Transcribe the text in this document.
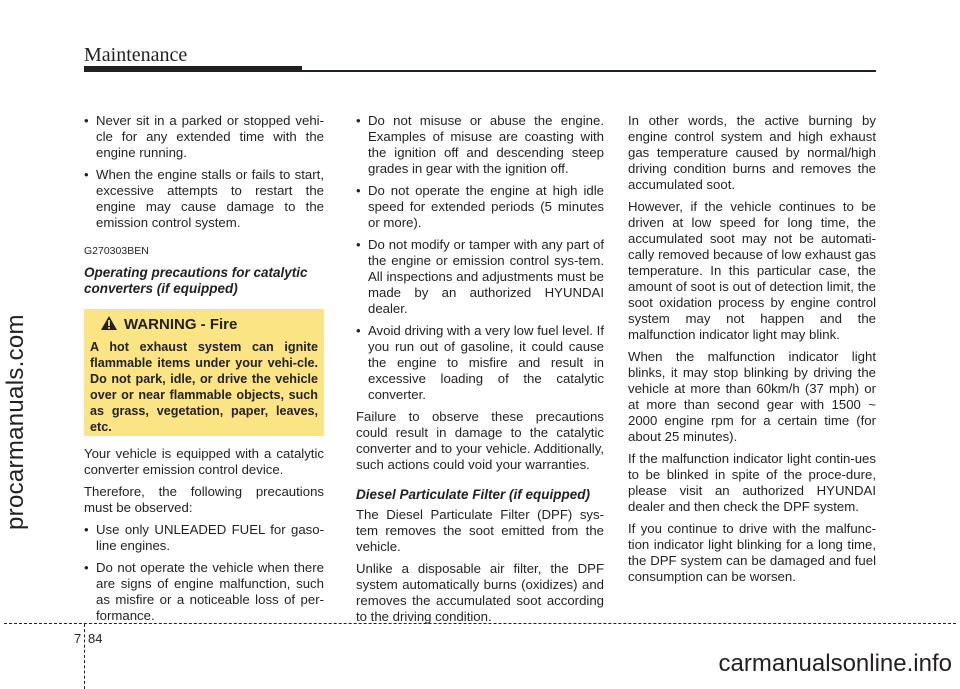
Maintenance
procarmanuals.com
• Never sit in a parked or stopped vehi-cle for any extended time with the engine running.
• When the engine stalls or fails to start, excessive attempts to restart the engine may cause damage to the emission control system.
G270303BEN
Operating precautions for catalytic converters (if equipped)
WARNING - Fire
A hot exhaust system can ignite flammable items under your vehi-cle. Do not park, idle, or drive the vehicle over or near flammable objects, such as grass, vegetation, paper, leaves, etc.

Your vehicle is equipped with a catalytic converter emission control device.

Therefore, the following precautions must be observed:

• Use only UNLEADED FUEL for gaso-line engines.
• Do not operate the vehicle when there are signs of engine malfunction, such as misfire or a noticeable loss of per-formance.
• Do not misuse or abuse the engine. Examples of misuse are coasting with the ignition off and descending steep grades in gear with the ignition off.
• Do not operate the engine at high idle speed for extended periods (5 minutes or more).
• Do not modify or tamper with any part of the engine or emission control sys-tem. All inspections and adjustments must be made by an authorized HYUNDAI dealer.
• Avoid driving with a very low fuel level. If you run out of gasoline, it could cause the engine to misfire and result in excessive loading of the catalytic converter.

Failure to observe these precautions could result in damage to the catalytic converter and to your vehicle. Additionally, such actions could void your warranties.

Diesel Particulate Filter (if equipped)

The Diesel Particulate Filter (DPF) sys-tem removes the soot emitted from the vehicle.

Unlike a disposable air filter, the DPF system automatically burns (oxidizes) and removes the accumulated soot according to the driving condition.

In other words, the active burning by engine control system and high exhaust gas temperature caused by normal/high driving condition burns and removes the accumulated soot.

However, if the vehicle continues to be driven at low speed for long time, the accumulated soot may not be automati-cally removed because of low exhaust gas temperature. In this particular case, the amount of soot is out of detection limit, the soot oxidation process by engine control system may not happen and the malfunction indicator light may blink.

When the malfunction indicator light blinks, it may stop blinking by driving the vehicle at more than 60km/h (37 mph) or at more than second gear with 1500 ~ 2000 engine rpm for a certain time (for about 25 minutes).

If the malfunction indicator light contin-ues to be blinked in spite of the proce-dure, please visit an authorized HYUNDAI dealer and then check the DPF system.

If you continue to drive with the malfunc-tion indicator light blinking for a long time, the DPF system can be damaged and fuel consumption can be worsen.

7 84
carmanualsonline.info
